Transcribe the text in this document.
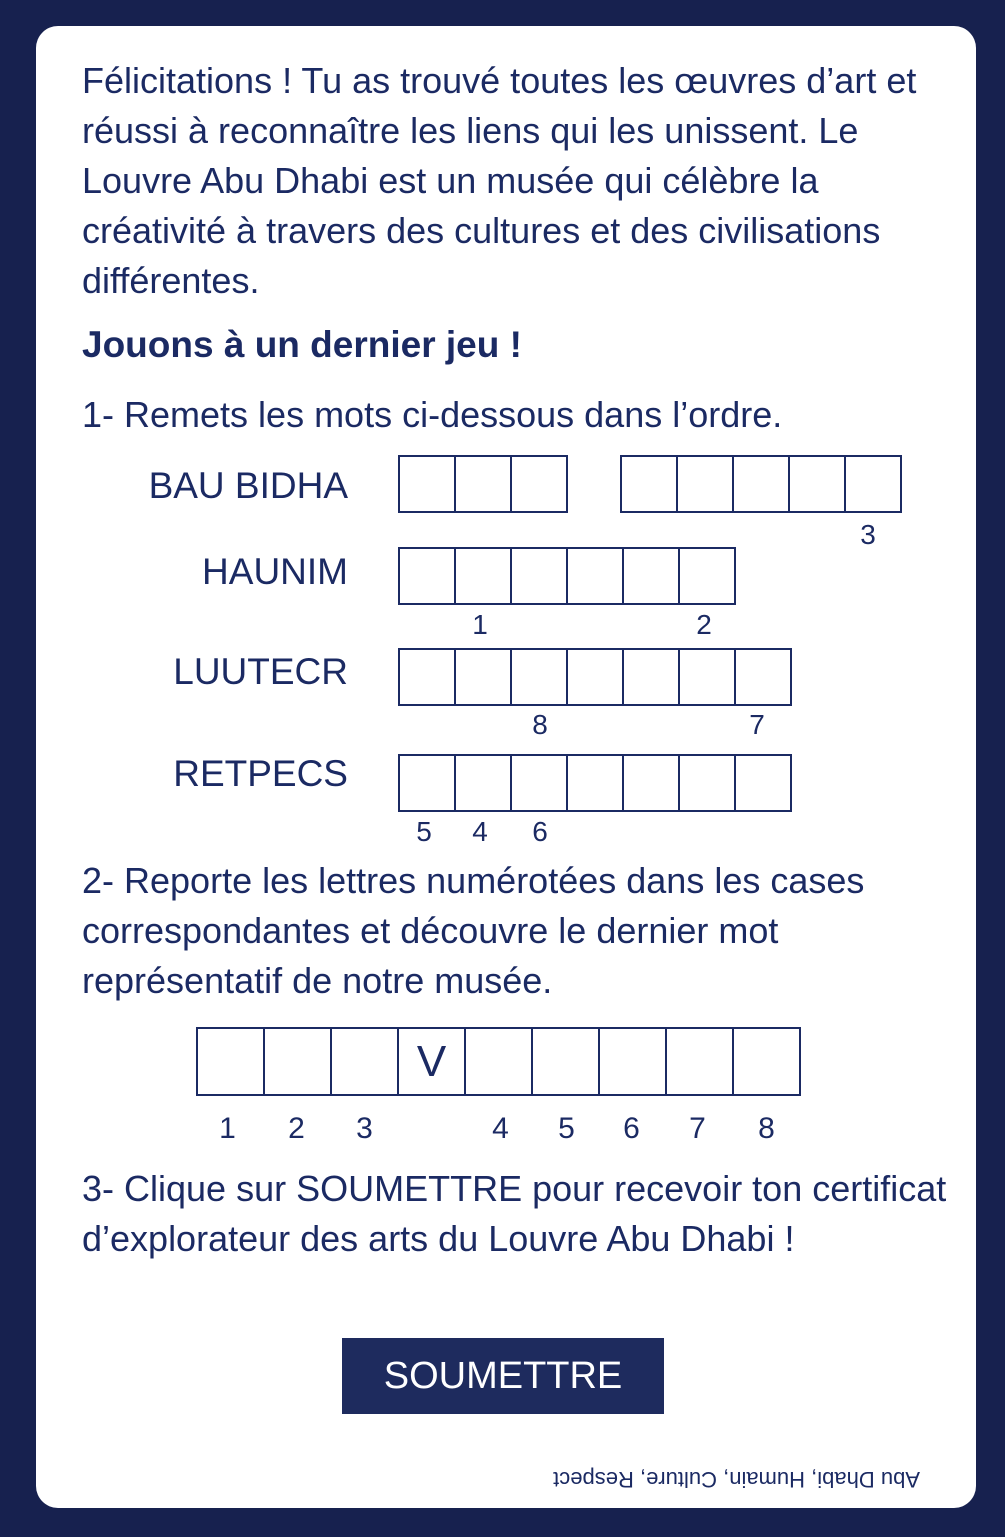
Félicitations ! Tu as trouvé toutes les œuvres d’art et réussi à reconnaître les liens qui les unissent. Le Louvre Abu Dhabi est un musée qui célèbre la créativité à travers des cultures et des civilisations différentes.

Jouons à un dernier jeu !

1- Remets les mots ci-dessous dans l’ordre.

BAU BIDHA
3
HAUNIM
1	2
LUUTECR
8	7
RETPECS
5	4	6

2- Reporte les lettres numérotées dans les cases correspondantes et découvre le dernier mot représentatif de notre musée.

V
1	2	3	4	5	6	7	8

3- Clique sur SOUMETTRE pour recevoir ton certificat d’explorateur des arts du Louvre Abu Dhabi !

SOUMETTRE
Abu Dhabi, Humain, Culture, Respect
